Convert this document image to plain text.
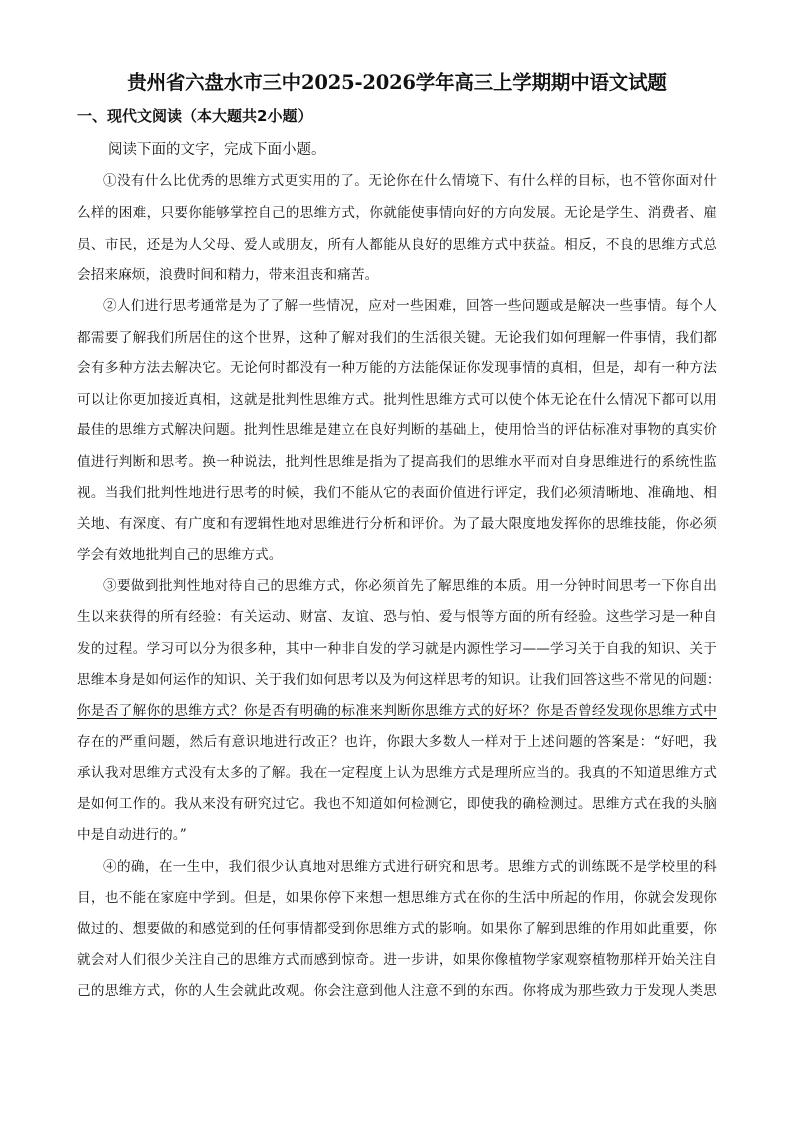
贵州省六盘水市三中2025-2026学年高三上学期期中语文试题
一、现代文阅读（本大题共2小题）
阅读下面的文字，完成下面小题。
①没有什么比优秀的思维方式更实用的了。无论你在什么情境下、有什么样的目标，也不管你面对什
么样的困难，只要你能够掌控自己的思维方式，你就能使事情向好的方向发展。无论是学生、消费者、雇
员、市民，还是为人父母、爱人或朋友，所有人都能从良好的思维方式中获益。相反，不良的思维方式总
会招来麻烦，浪费时间和精力，带来沮丧和痛苦。
②人们进行思考通常是为了了解一些情况，应对一些困难，回答一些问题或是解决一些事情。每个人
都需要了解我们所居住的这个世界，这种了解对我们的生活很关键。无论我们如何理解一件事情，我们都
会有多种方法去解决它。无论何时都没有一种万能的方法能保证你发现事情的真相，但是，却有一种方法
可以让你更加接近真相，这就是批判性思维方式。批判性思维方式可以使个体无论在什么情况下都可以用
最佳的思维方式解决问题。批判性思维是建立在良好判断的基础上，使用恰当的评估标准对事物的真实价
值进行判断和思考。换一种说法，批判性思维是指为了提高我们的思维水平而对自身思维进行的系统性监
视。当我们批判性地进行思考的时候，我们不能从它的表面价值进行评定，我们必须清晰地、准确地、相
关地、有深度、有广度和有逻辑性地对思维进行分析和评价。为了最大限度地发挥你的思维技能，你必须
学会有效地批判自己的思维方式。
③要做到批判性地对待自己的思维方式，你必须首先了解思维的本质。用一分钟时间思考一下你自出
生以来获得的所有经验：有关运动、财富、友谊、恐与怕、爱与恨等方面的所有经验。这些学习是一种自
发的过程。学习可以分为很多种，其中一种非自发的学习就是内源性学习——学习关于自我的知识、关于
思维本身是如何运作的知识、关于我们如何思考以及为何这样思考的知识。让我们回答这些不常见的问题：
你是否了解你的思维方式？你是否有明确的标准来判断你思维方式的好坏？你是否曾经发现你思维方式中
存在的严重问题，然后有意识地进行改正？也许，你跟大多数人一样对于上述问题的答案是：“好吧，我
承认我对思维方式没有太多的了解。我在一定程度上认为思维方式是理所应当的。我真的不知道思维方式
是如何工作的。我从来没有研究过它。我也不知道如何检测它，即使我的确检测过。思维方式在我的头脑
中是自动进行的。”
④的确，在一生中，我们很少认真地对思维方式进行研究和思考。思维方式的训练既不是学校里的科
目，也不能在家庭中学到。但是，如果你停下来想一想思维方式在你的生活中所起的作用，你就会发现你
做过的、想要做的和感觉到的任何事情都受到你思维方式的影响。如果你了解到思维的作用如此重要，你
就会对人们很少关注自己的思维方式而感到惊奇。进一步讲，如果你像植物学家观察植物那样开始关注自
己的思维方式，你的人生会就此改观。你会注意到他人注意不到的东西。你将成为那些致力于发现人类思
